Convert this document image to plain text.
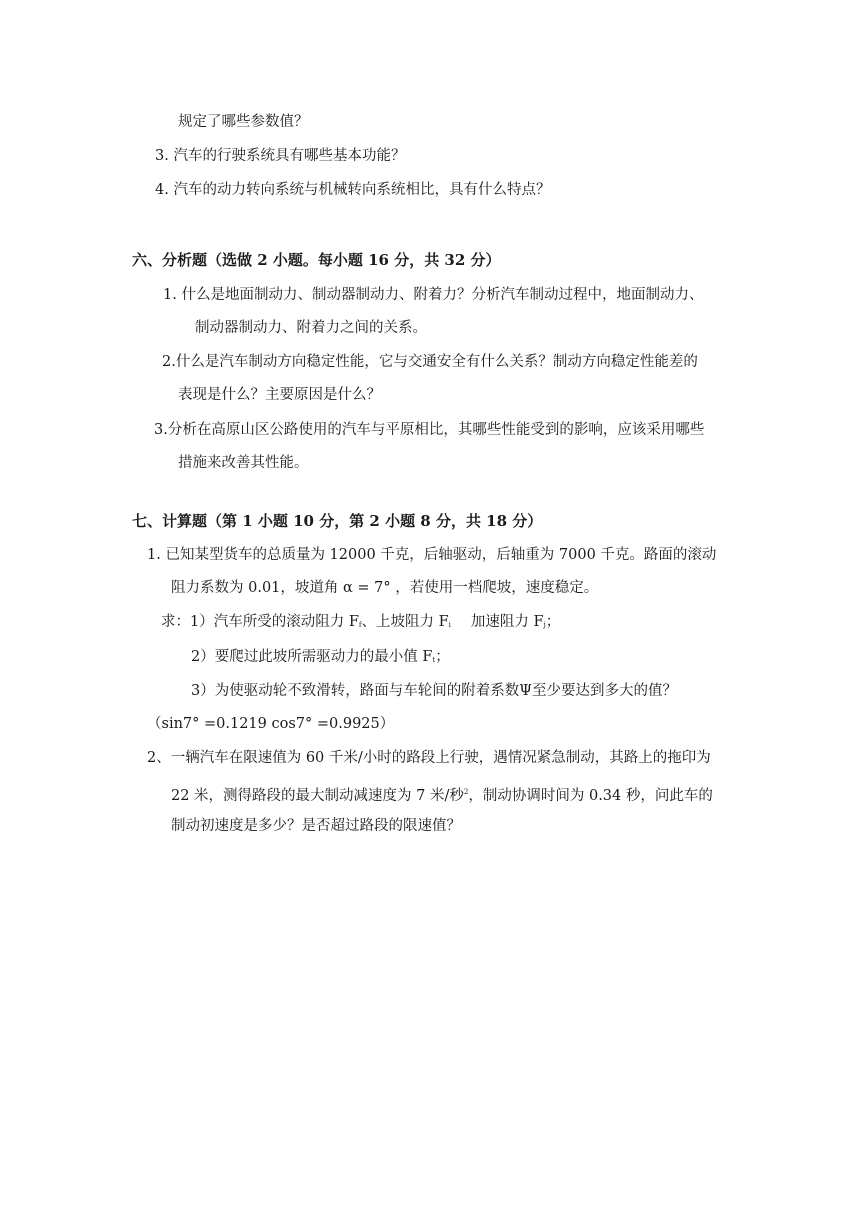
规定了哪些参数值？
3. 汽车的行驶系统具有哪些基本功能？
4. 汽车的动力转向系统与机械转向系统相比，具有什么特点？
六、分析题（选做 2 小题。每小题 16 分，共 32 分）
1. 什么是地面制动力、制动器制动力、附着力？分析汽车制动过程中，地面制动力、
制动器制动力、附着力之间的关系。
2.什么是汽车制动方向稳定性能，它与交通安全有什么关系？制动方向稳定性能差的
表现是什么？主要原因是什么？
3.分析在高原山区公路使用的汽车与平原相比，其哪些性能受到的影响，应该采用哪些
措施来改善其性能。
七、计算题（第 1 小题 10 分，第 2 小题 8 分，共 18 分）
1. 已知某型货车的总质量为 12000 千克，后轴驱动，后轴重为 7000 千克。路面的滚动
阻力系数为 0.01，坡道角 α = 7° ，若使用一档爬坡，速度稳定。
求：1）汽车所受的滚动阻力 $F_f$、上坡阻力 $F_i$ 加速阻力 $F_j$；
2）要爬过此坡所需驱动力的最小值 $F_t$；
3）为使驱动轮不致滑转，路面与车轮间的附着系数Ψ至少要达到多大的值？
（sin7° =0.1219 cos7° =0.9925）
2、一辆汽车在限速值为 60 千米/小时的路段上行驶，遇情况紧急制动，其路上的拖印为
22 米，测得路段的最大制动减速度为 7 米/秒$^2$，制动协调时间为 0.34 秒，问此车的
制动初速度是多少？是否超过路段的限速值？
